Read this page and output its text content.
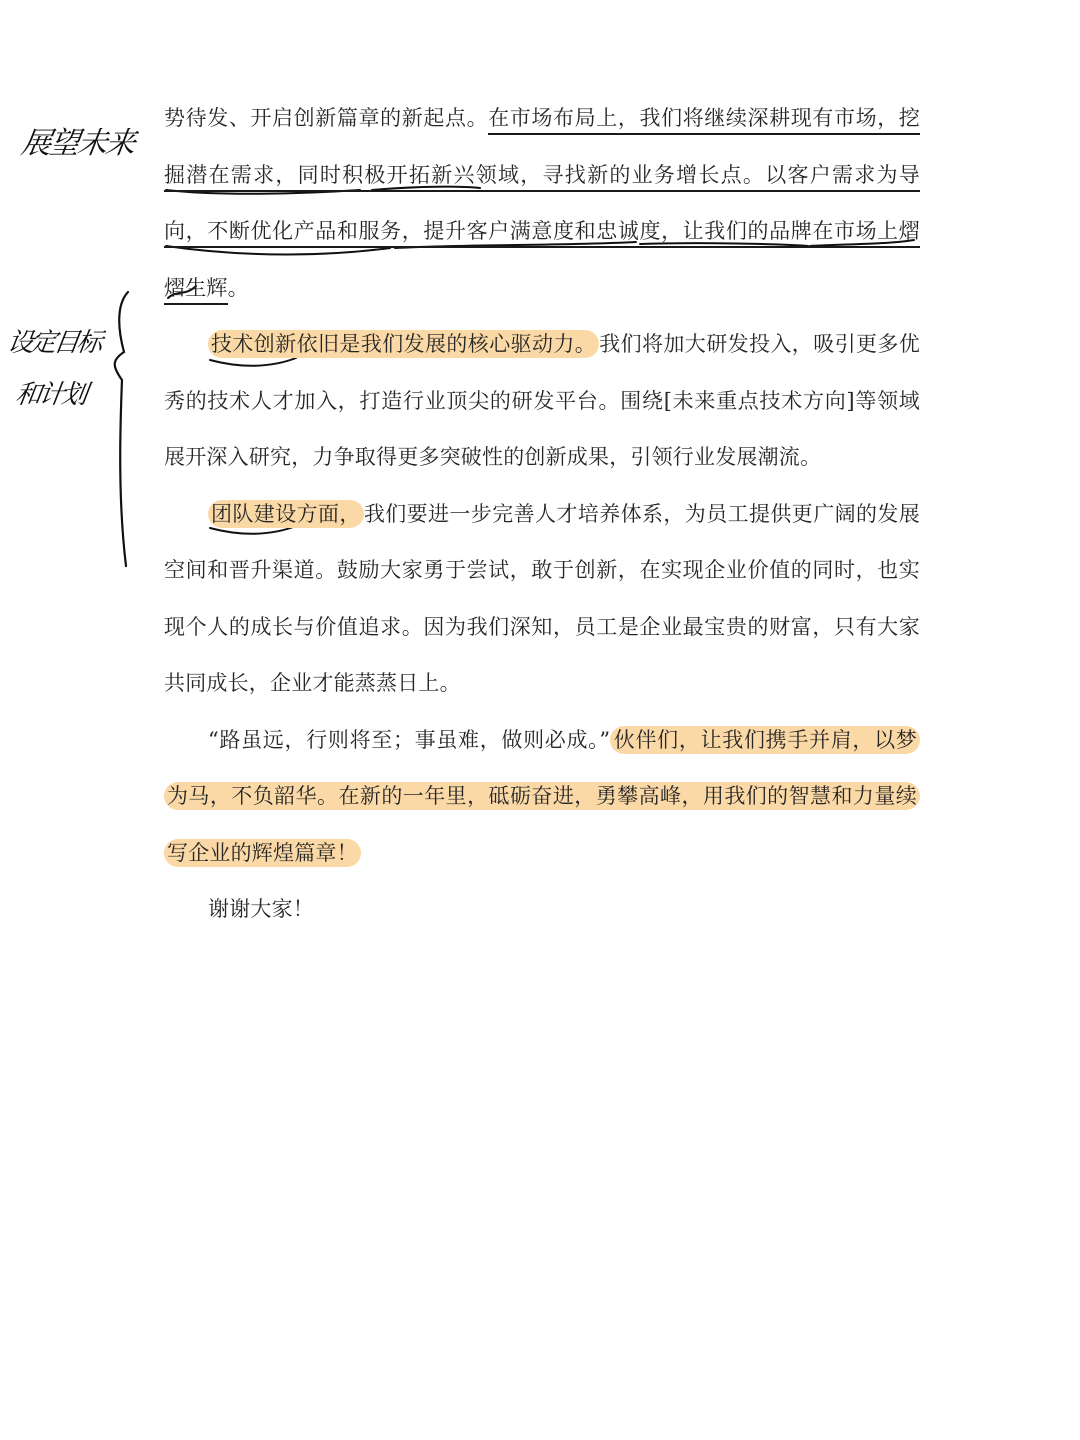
展望未来
设定目标
和计划

势待发、开启创新篇章的新起点。在市场布局上，我们将继续深耕现有市场，挖掘潜在需求，同时积极开拓新兴领域，寻找新的业务增长点。以客户需求为导向，不断优化产品和服务，提升客户满意度和忠诚度，让我们的品牌在市场上熠熠生辉。

技术创新依旧是我们发展的核心驱动力。 我们将加大研发投入，吸引更多优秀的技术人才加入，打造行业顶尖的研发平台。围绕[未来重点技术方向]等领域展开深入研究，力争取得更多突破性的创新成果，引领行业发展潮流。

团队建设方面， 我们要进一步完善人才培养体系，为员工提供更广阔的发展空间和晋升渠道。鼓励大家勇于尝试，敢于创新，在实现企业价值的同时，也实现个人的成长与价值追求。因为我们深知，员工是企业最宝贵的财富，只有大家共同成长，企业才能蒸蒸日上。

“路虽远，行则将至；事虽难，做则必成。” 伙伴们，让我们携手并肩，以梦为马，不负韶华。在新的一年里，砥砺奋进，勇攀高峰，用我们的智慧和力量续写企业的辉煌篇章！

谢谢大家！
